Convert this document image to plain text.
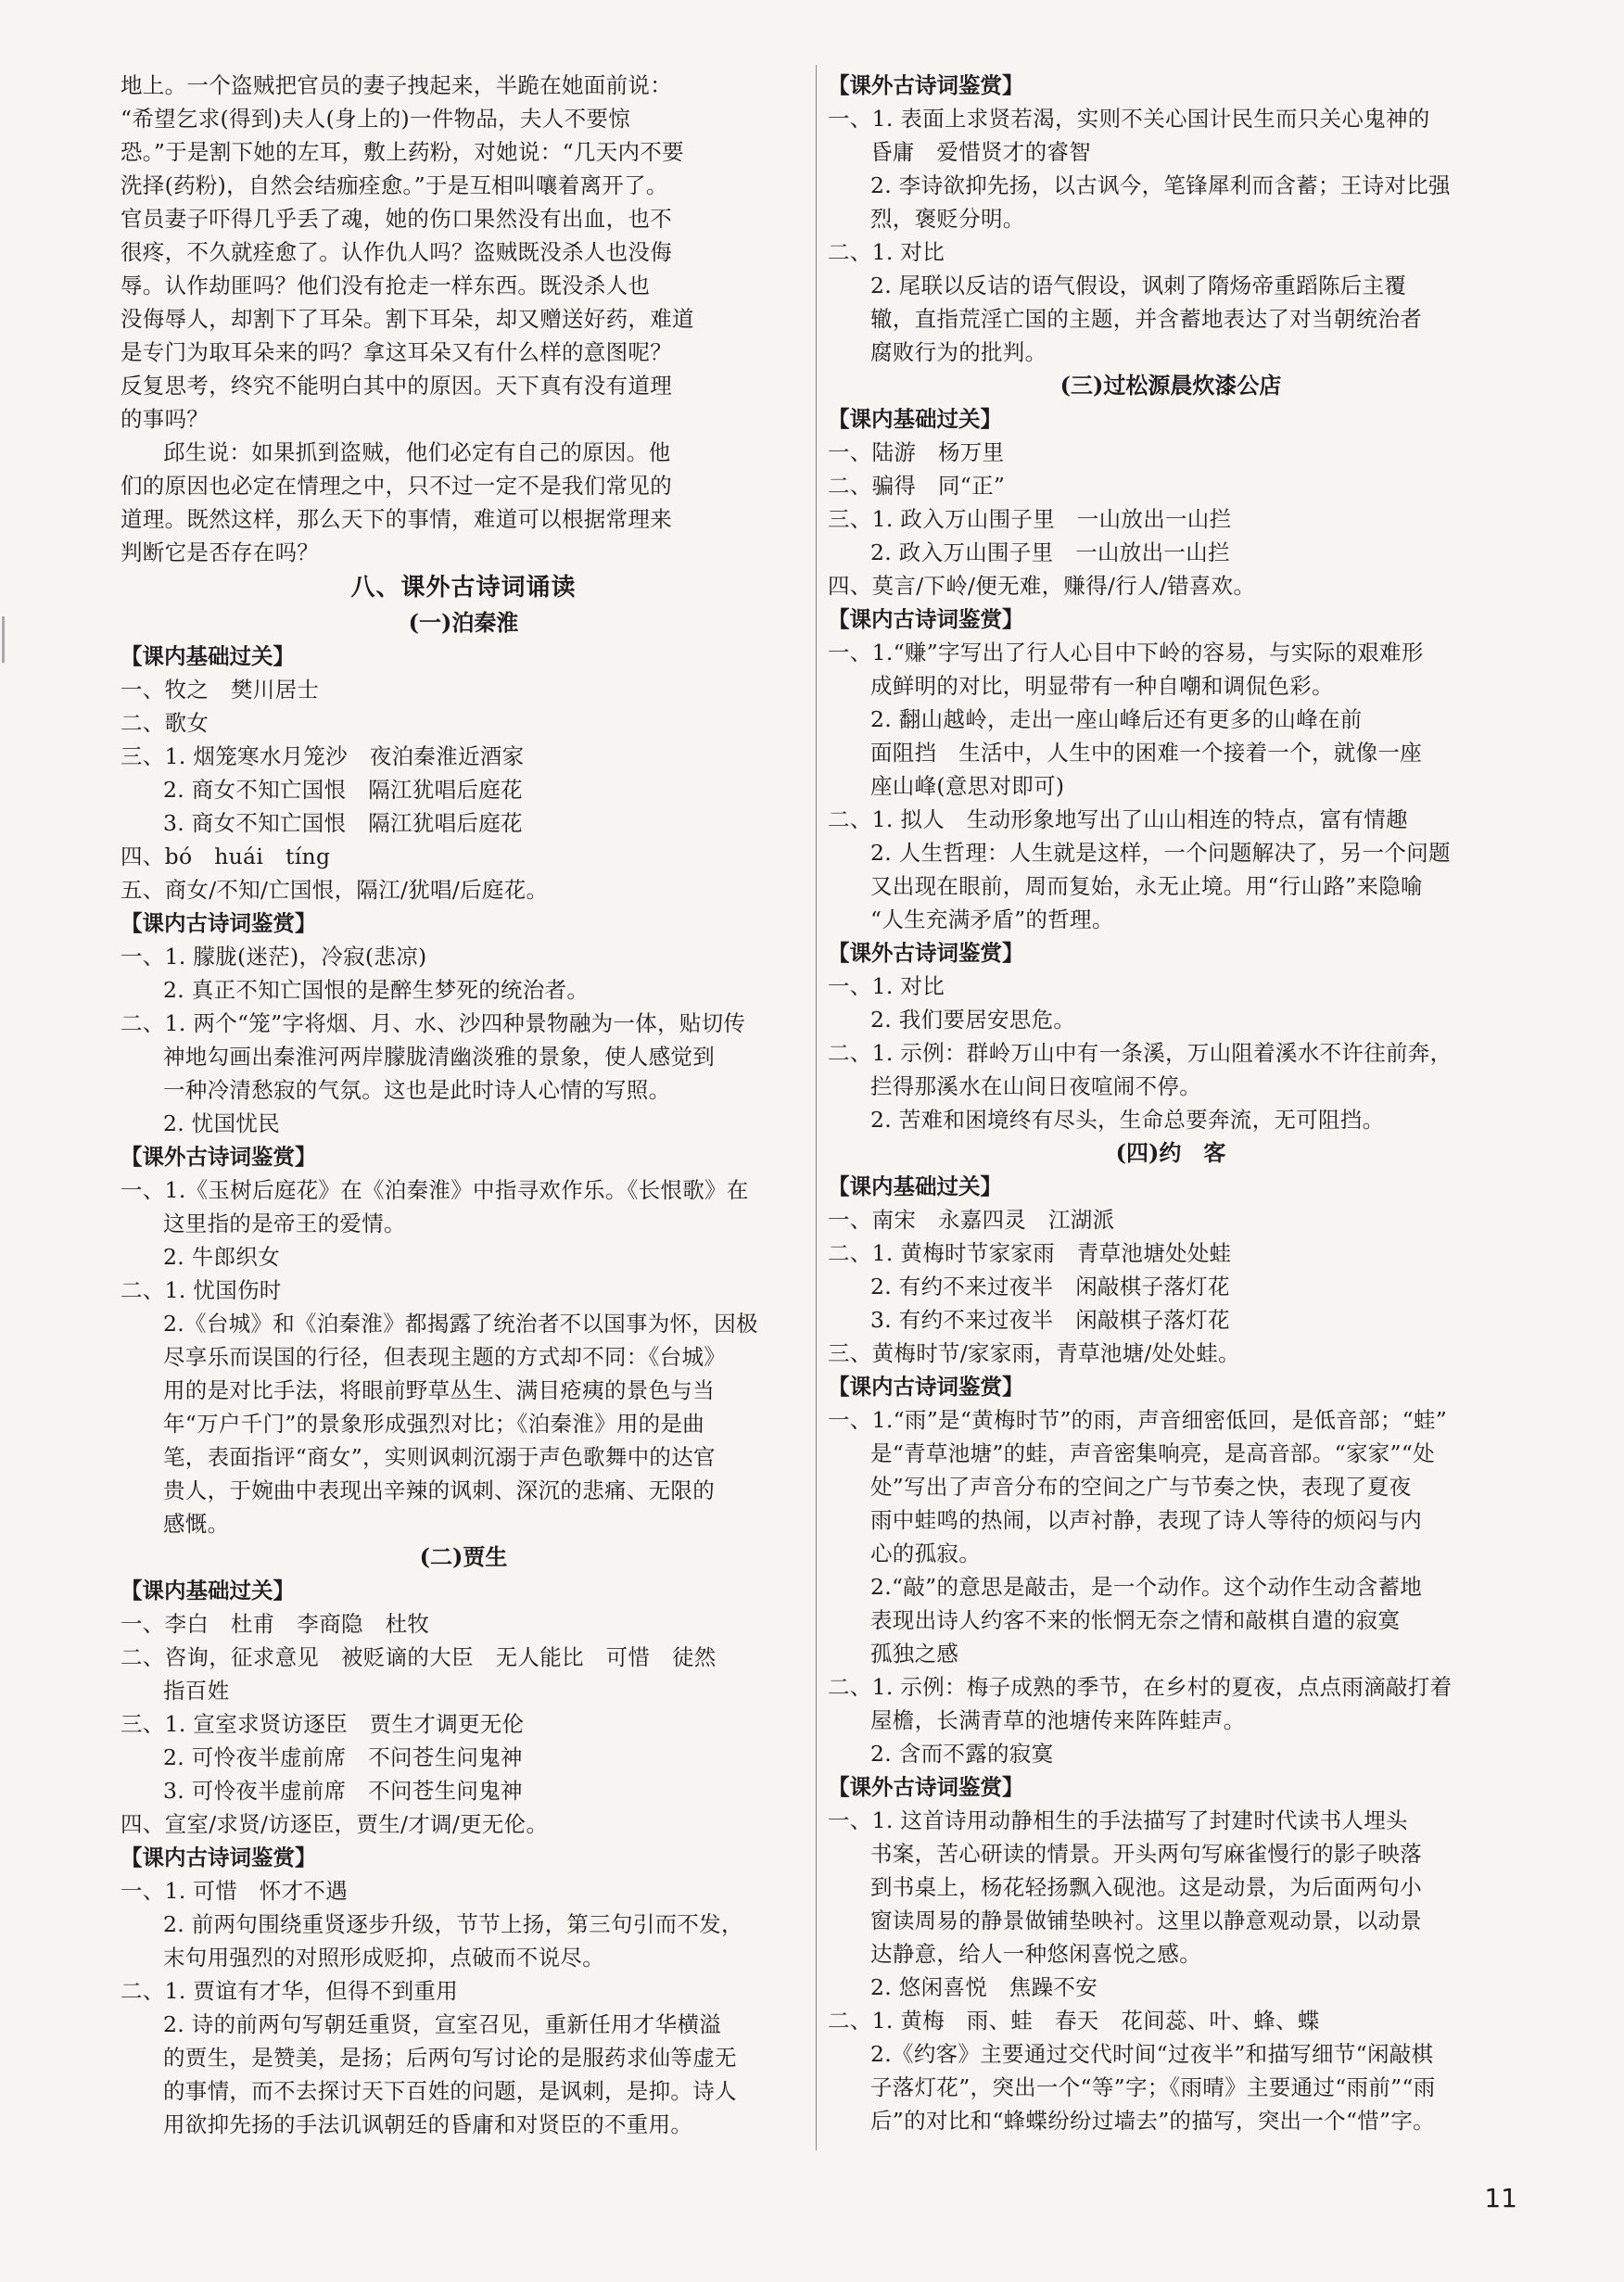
地上。一个盗贼把官员的妻子拽起来，半跪在她面前说：
“希望乞求(得到)夫人(身上的)一件物品，夫人不要惊
恐。”于是割下她的左耳，敷上药粉，对她说：“几天内不要
洗择(药粉)，自然会结痂痊愈。”于是互相叫嚷着离开了。
官员妻子吓得几乎丢了魂，她的伤口果然没有出血，也不
很疼，不久就痊愈了。认作仇人吗？盗贼既没杀人也没侮
辱。认作劫匪吗？他们没有抢走一样东西。既没杀人也
没侮辱人，却割下了耳朵。割下耳朵，却又赠送好药，难道
是专门为取耳朵来的吗？拿这耳朵又有什么样的意图呢？
反复思考，终究不能明白其中的原因。天下真有没有道理
的事吗？
邱生说：如果抓到盗贼，他们必定有自己的原因。他
们的原因也必定在情理之中，只不过一定不是我们常见的
道理。既然这样，那么天下的事情，难道可以根据常理来
判断它是否存在吗？
八、课外古诗词诵读
(一)泊秦淮
【课内基础过关】
一、牧之　樊川居士
二、歌女
三、1. 烟笼寒水月笼沙　夜泊秦淮近酒家
2. 商女不知亡国恨　隔江犹唱后庭花
3. 商女不知亡国恨　隔江犹唱后庭花
四、bó　huái　tíng
五、商女/不知/亡国恨，隔江/犹唱/后庭花。
【课内古诗词鉴赏】
一、1. 朦胧(迷茫)，冷寂(悲凉)
2. 真正不知亡国恨的是醉生梦死的统治者。
二、1. 两个“笼”字将烟、月、水、沙四种景物融为一体，贴切传
神地勾画出秦淮河两岸朦胧清幽淡雅的景象，使人感觉到
一种冷清愁寂的气氛。这也是此时诗人心情的写照。
2. 忧国忧民
【课外古诗词鉴赏】
一、1.《玉树后庭花》在《泊秦淮》中指寻欢作乐。《长恨歌》在
这里指的是帝王的爱情。
2. 牛郎织女
二、1. 忧国伤时
2.《台城》和《泊秦淮》都揭露了统治者不以国事为怀，因极
尽享乐而误国的行径，但表现主题的方式却不同：《台城》
用的是对比手法，将眼前野草丛生、满目疮痍的景色与当
年“万户千门”的景象形成强烈对比；《泊秦淮》用的是曲
笔，表面指评“商女”，实则讽刺沉溺于声色歌舞中的达官
贵人，于婉曲中表现出辛辣的讽刺、深沉的悲痛、无限的
感慨。
(二)贾生
【课内基础过关】
一、李白　杜甫　李商隐　杜牧
二、咨询，征求意见　被贬谪的大臣　无人能比　可惜　徒然
指百姓
三、1. 宣室求贤访逐臣　贾生才调更无伦
2. 可怜夜半虚前席　不问苍生问鬼神
3. 可怜夜半虚前席　不问苍生问鬼神
四、宣室/求贤/访逐臣，贾生/才调/更无伦。
【课内古诗词鉴赏】
一、1. 可惜　怀才不遇
2. 前两句围绕重贤逐步升级，节节上扬，第三句引而不发，
末句用强烈的对照形成贬抑，点破而不说尽。
二、1. 贾谊有才华，但得不到重用
2. 诗的前两句写朝廷重贤，宣室召见，重新任用才华横溢
的贾生，是赞美，是扬；后两句写讨论的是服药求仙等虚无
的事情，而不去探讨天下百姓的问题，是讽刺，是抑。诗人
用欲抑先扬的手法讥讽朝廷的昏庸和对贤臣的不重用。
【课外古诗词鉴赏】
一、1. 表面上求贤若渴，实则不关心国计民生而只关心鬼神的
昏庸　爱惜贤才的睿智
2. 李诗欲抑先扬，以古讽今，笔锋犀利而含蓄；王诗对比强
烈，褒贬分明。
二、1. 对比
2. 尾联以反诘的语气假设，讽刺了隋炀帝重蹈陈后主覆
辙，直指荒淫亡国的主题，并含蓄地表达了对当朝统治者
腐败行为的批判。
(三)过松源晨炊漆公店
【课内基础过关】
一、陆游　杨万里
二、骗得　同“正”
三、1. 政入万山围子里　一山放出一山拦
2. 政入万山围子里　一山放出一山拦
四、莫言/下岭/便无难，赚得/行人/错喜欢。
【课内古诗词鉴赏】
一、1.“赚”字写出了行人心目中下岭的容易，与实际的艰难形
成鲜明的对比，明显带有一种自嘲和调侃色彩。
2. 翻山越岭，走出一座山峰后还有更多的山峰在前
面阻挡　生活中，人生中的困难一个接着一个，就像一座
座山峰(意思对即可)
二、1. 拟人　生动形象地写出了山山相连的特点，富有情趣
2. 人生哲理：人生就是这样，一个问题解决了，另一个问题
又出现在眼前，周而复始，永无止境。用“行山路”来隐喻
“人生充满矛盾”的哲理。
【课外古诗词鉴赏】
一、1. 对比
2. 我们要居安思危。
二、1. 示例：群岭万山中有一条溪，万山阻着溪水不许往前奔，
拦得那溪水在山间日夜喧闹不停。
2. 苦难和困境终有尽头，生命总要奔流，无可阻挡。
(四)约　客
【课内基础过关】
一、南宋　永嘉四灵　江湖派
二、1. 黄梅时节家家雨　青草池塘处处蛙
2. 有约不来过夜半　闲敲棋子落灯花
3. 有约不来过夜半　闲敲棋子落灯花
三、黄梅时节/家家雨，青草池塘/处处蛙。
【课内古诗词鉴赏】
一、1.“雨”是“黄梅时节”的雨，声音细密低回，是低音部；“蛙”
是“青草池塘”的蛙，声音密集响亮，是高音部。“家家”“处
处”写出了声音分布的空间之广与节奏之快，表现了夏夜
雨中蛙鸣的热闹，以声衬静，表现了诗人等待的烦闷与内
心的孤寂。
2.“敲”的意思是敲击，是一个动作。这个动作生动含蓄地
表现出诗人约客不来的怅惘无奈之情和敲棋自遣的寂寞
孤独之感
二、1. 示例：梅子成熟的季节，在乡村的夏夜，点点雨滴敲打着
屋檐，长满青草的池塘传来阵阵蛙声。
2. 含而不露的寂寞
【课外古诗词鉴赏】
一、1. 这首诗用动静相生的手法描写了封建时代读书人埋头
书案，苦心研读的情景。开头两句写麻雀慢行的影子映落
到书桌上，杨花轻扬飘入砚池。这是动景，为后面两句小
窗读周易的静景做铺垫映衬。这里以静意观动景，以动景
达静意，给人一种悠闲喜悦之感。
2. 悠闲喜悦　焦躁不安
二、1. 黄梅　雨、蛙　春天　花间蕊、叶、蜂、蝶
2.《约客》主要通过交代时间“过夜半”和描写细节“闲敲棋
子落灯花”，突出一个“等”字；《雨晴》主要通过“雨前”“雨
后”的对比和“蜂蝶纷纷过墙去”的描写，突出一个“惜”字。
11
